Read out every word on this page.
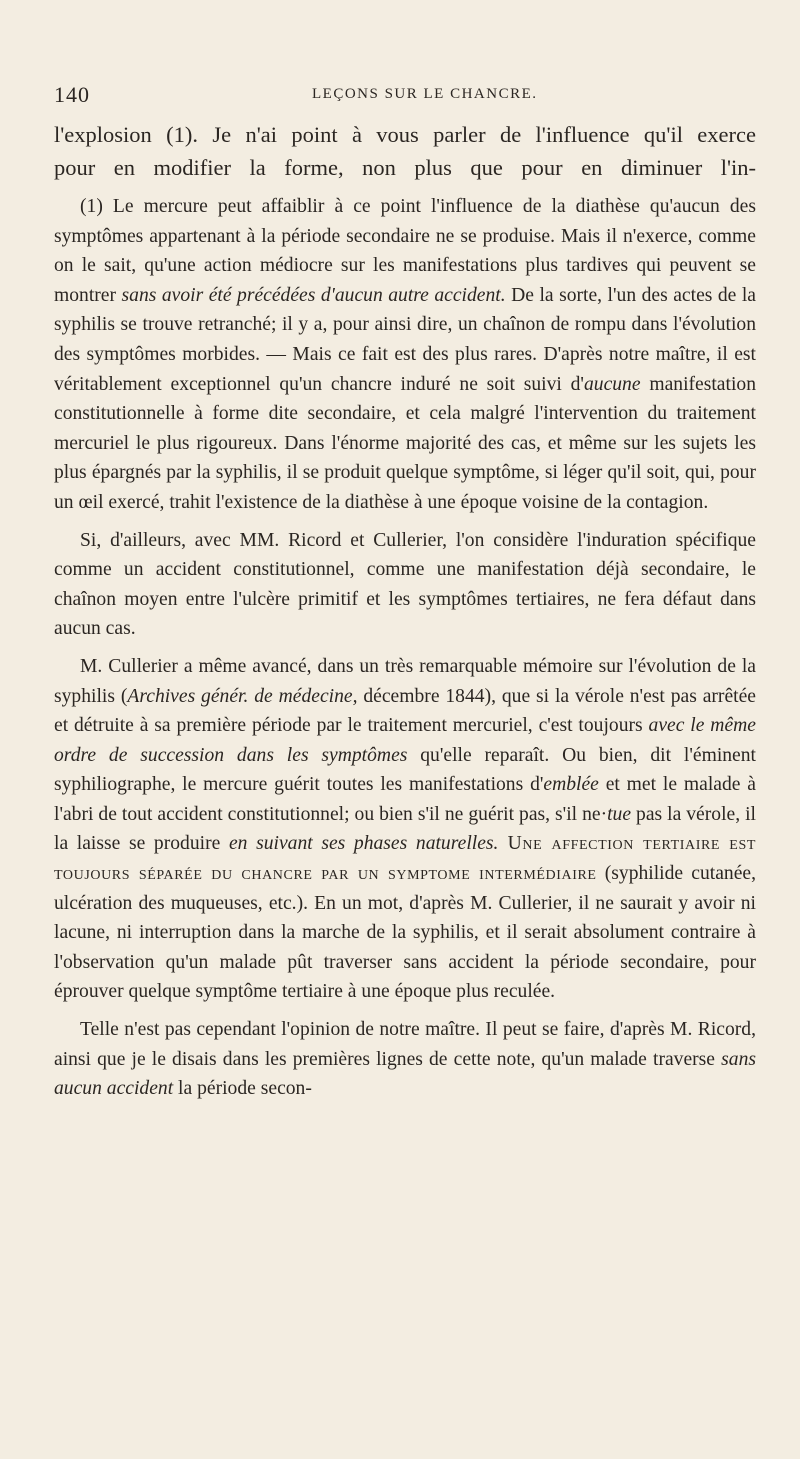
140	LEÇONS SUR LE CHANCRE.

l'explosion (1). Je n'ai point à vous parler de l'influence qu'il exerce

pour en modifier la forme, non plus que pour en diminuer l'in-

(1) Le mercure peut affaiblir à ce point l'influence de la diathèse qu'aucun des symptômes appartenant à la période secondaire ne se produise. Mais il n'exerce, comme on le sait, qu'une action médiocre sur les manifestations plus tardives qui peuvent se montrer sans avoir été précédées d'aucun autre accident. De la sorte, l'un des actes de la syphilis se trouve retranché; il y a, pour ainsi dire, un chaînon de rompu dans l'évolution des symptômes morbides. — Mais ce fait est des plus rares. D'après notre maître, il est véritablement exceptionnel qu'un chancre induré ne soit suivi d'aucune manifestation constitutionnelle à forme dite secondaire, et cela malgré l'intervention du traitement mercuriel le plus rigoureux. Dans l'énorme majorité des cas, et même sur les sujets les plus épargnés par la syphilis, il se produit quelque symptôme, si léger qu'il soit, qui, pour un œil exercé, trahit l'existence de la diathèse à une époque voisine de la contagion.

Si, d'ailleurs, avec MM. Ricord et Cullerier, l'on considère l'induration spécifique comme un accident constitutionnel, comme une manifestation déjà secondaire, le chaînon moyen entre l'ulcère primitif et les symptômes tertiaires, ne fera défaut dans aucun cas.

M. Cullerier a même avancé, dans un très remarquable mémoire sur l'évolution de la syphilis (Archives génér. de médecine, décembre 1844), que si la vérole n'est pas arrêtée et détruite à sa première période par le traitement mercuriel, c'est toujours avec le même ordre de succession dans les symptômes qu'elle reparaît. Ou bien, dit l'éminent syphiliographe, le mercure guérit toutes les manifestations d'emblée et met le malade à l'abri de tout accident constitutionnel; ou bien s'il ne guérit pas, s'il ne·tue pas la vérole, il la laisse se produire en suivant ses phases naturelles. Une affection tertiaire est toujours séparée du chancre par un symptome intermédiaire (syphilide cutanée, ulcération des muqueuses, etc.). En un mot, d'après M. Cullerier, il ne saurait y avoir ni lacune, ni interruption dans la marche de la syphilis, et il serait absolument contraire à l'observation qu'un malade pût traverser sans accident la période secondaire, pour éprouver quelque symptôme tertiaire à une époque plus reculée.

Telle n'est pas cependant l'opinion de notre maître. Il peut se faire, d'après M. Ricord, ainsi que je le disais dans les premières lignes de cette note, qu'un malade traverse sans aucun accident la période secon-
